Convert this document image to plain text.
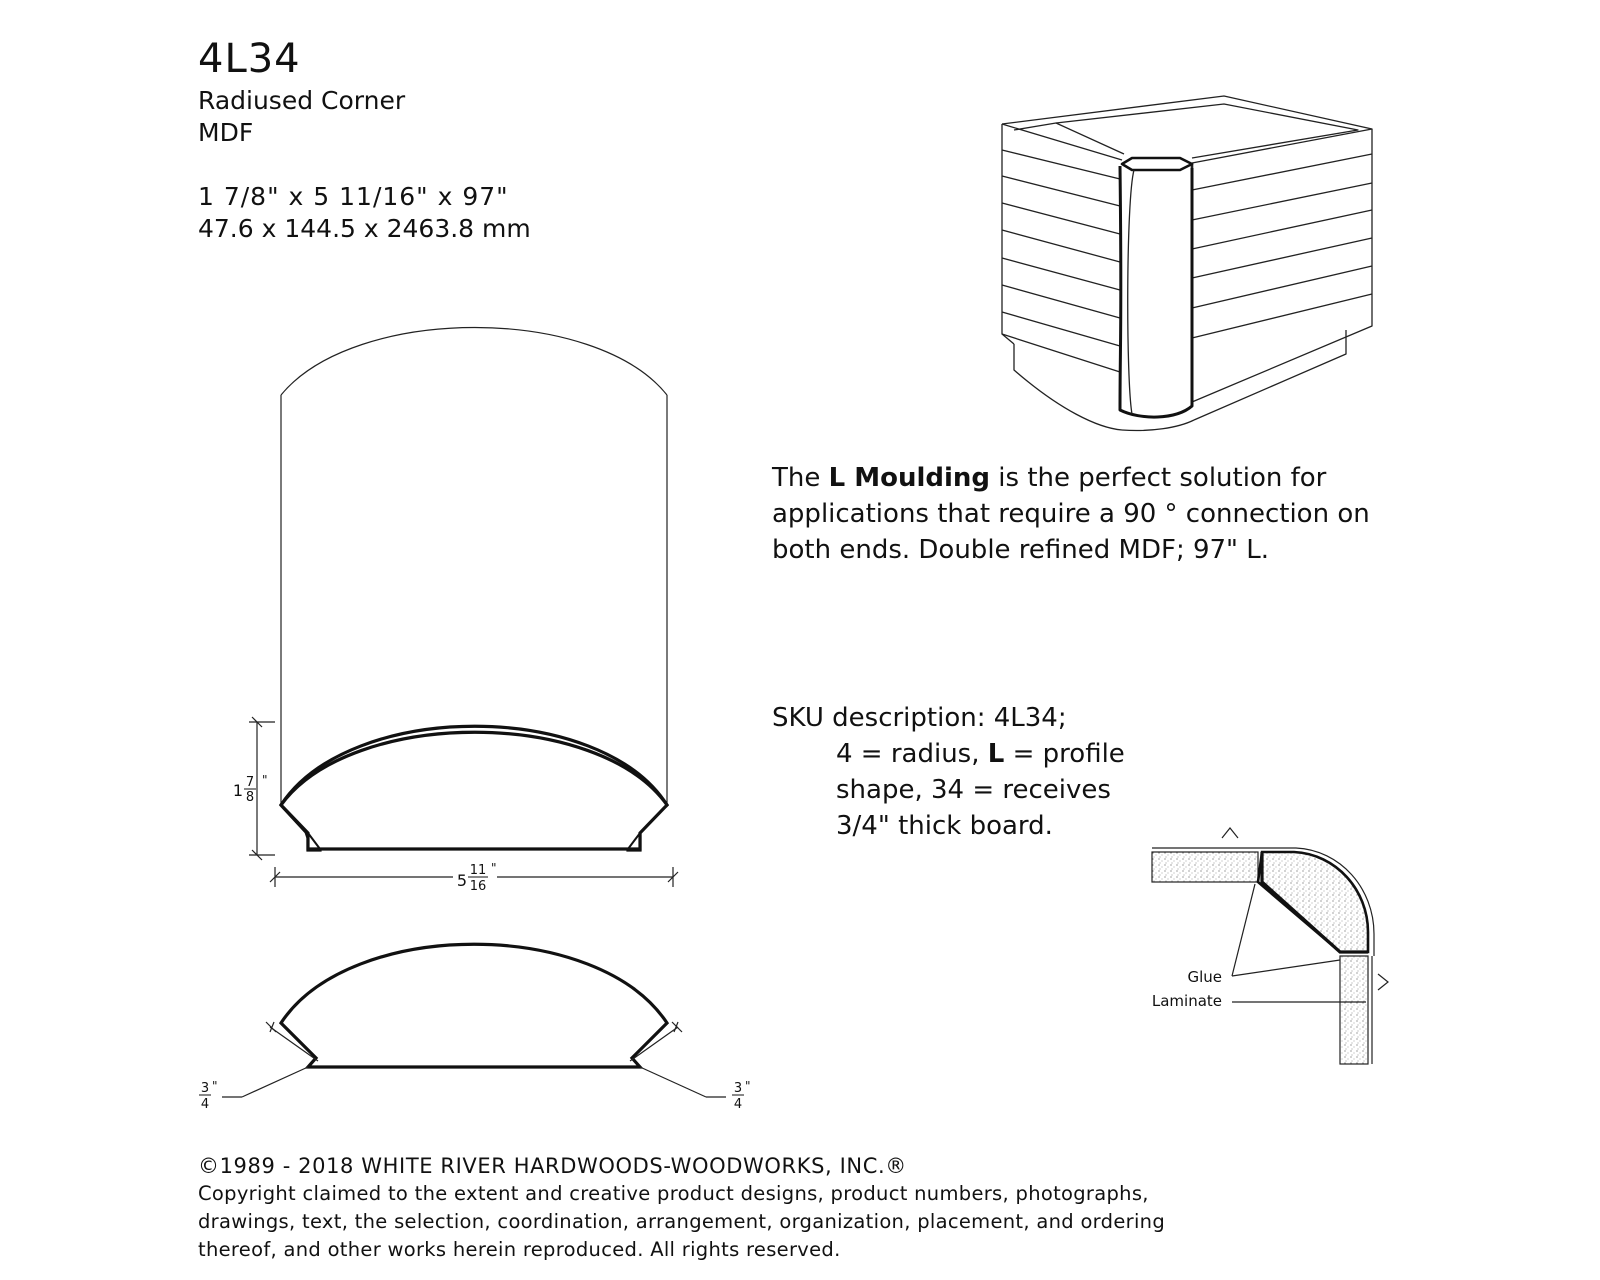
4L34
Radiused Corner
MDF
1 7/8" x 5 11/16" x 97"
47.6 x 144.5 x 2463.8 mm
1 7
8
"
5
11
16
"
3
4
"	3
4
"
Glue
Laminate
The L Moulding is the perfect solution for
applications that require a 90 ° connection on
both ends. Double refined MDF; 97" L.
SKU description: 4L34;
4 = radius, L = profile
shape, 34 = receives
3/4" thick board.
©1989 - 2018 WHITE RIVER HARDWOODS-WOODWORKS, INC.®
Copyright claimed to the extent and creative product designs, product numbers, photographs,
drawings, text, the selection, coordination, arrangement, organization, placement, and ordering
thereof, and other works herein reproduced. All rights reserved.
